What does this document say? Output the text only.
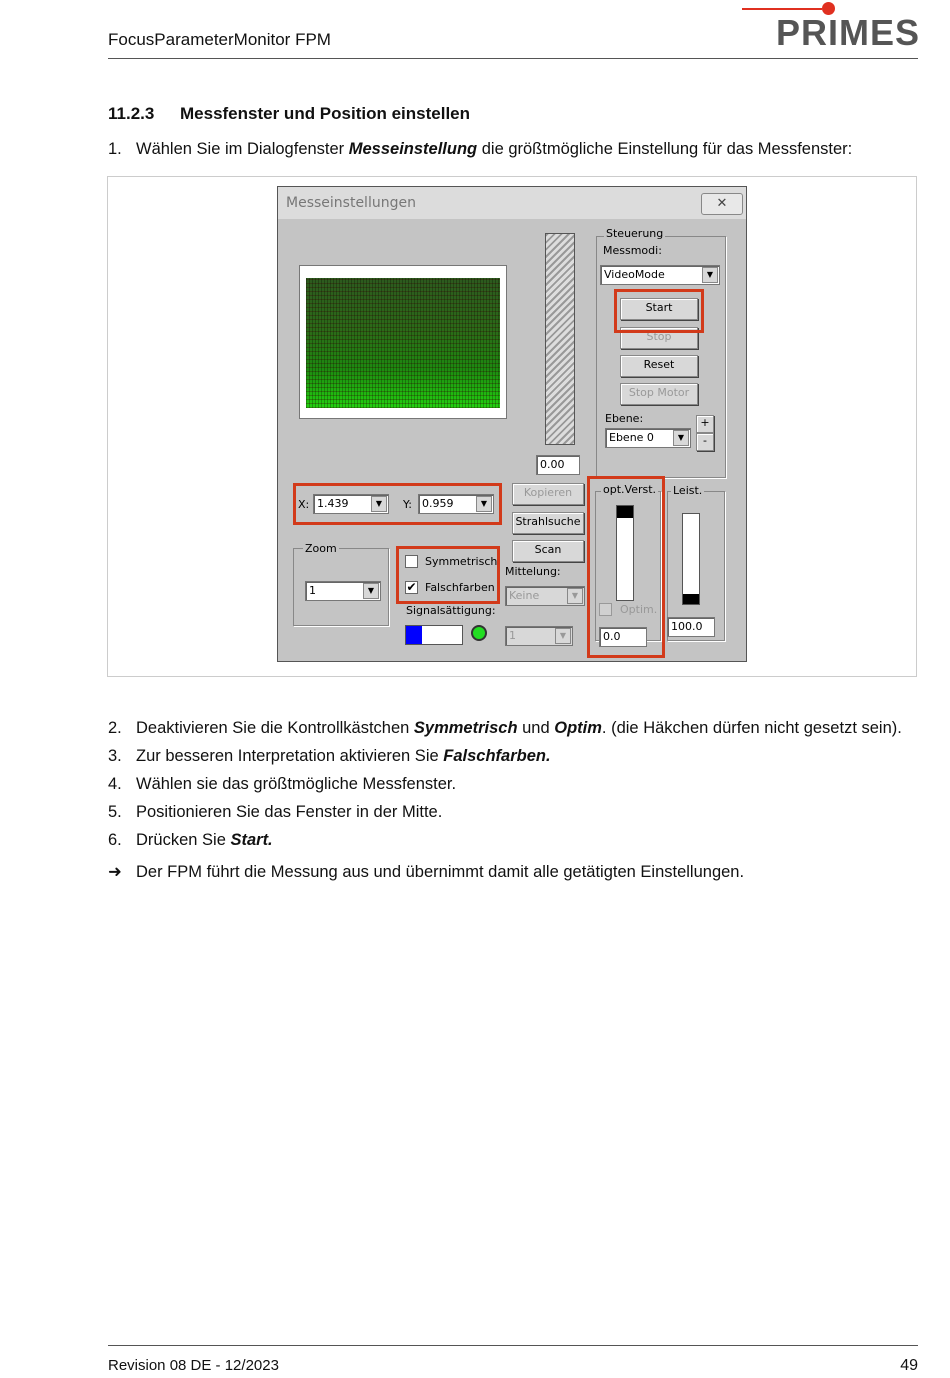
FocusParameterMonitor FPM	PRIMES
11.2.3 Messfenster und Position einstellen
1. Wählen Sie im Dialogfenster Messeinstellung die größtmögliche Einstellung für das Messfenster:
Messeinstellungen	✕
0.00
Steuerung
Messmodi:
VideoMode	▼
Start
Stop
Reset
Stop Motor
Ebene:
Ebene 0	▼
+
-
X: 1.439	▼	Y: 0.959	▼
Kopieren
Strahlsuche
Scan
Mittelung:
Keine	▼
1	▼
Zoom
1	▼
Symmetrisch
✔ Falschfarben
Signalsättigung:
opt.Verst.
Optim.
0.0
Leist.
100.0
2. Deaktivieren Sie die Kontrollkästchen Symmetrisch und Optim. (die Häkchen dürfen nicht gesetzt sein).
3. Zur besseren Interpretation aktivieren Sie Falschfarben.
4. Wählen sie das größtmögliche Messfenster.
5. Positionieren Sie das Fenster in der Mitte.
6. Drücken Sie Start.
➜ Der FPM führt die Messung aus und übernimmt damit alle getätigten Einstellungen.
Revision 08 DE - 12/2023	49
